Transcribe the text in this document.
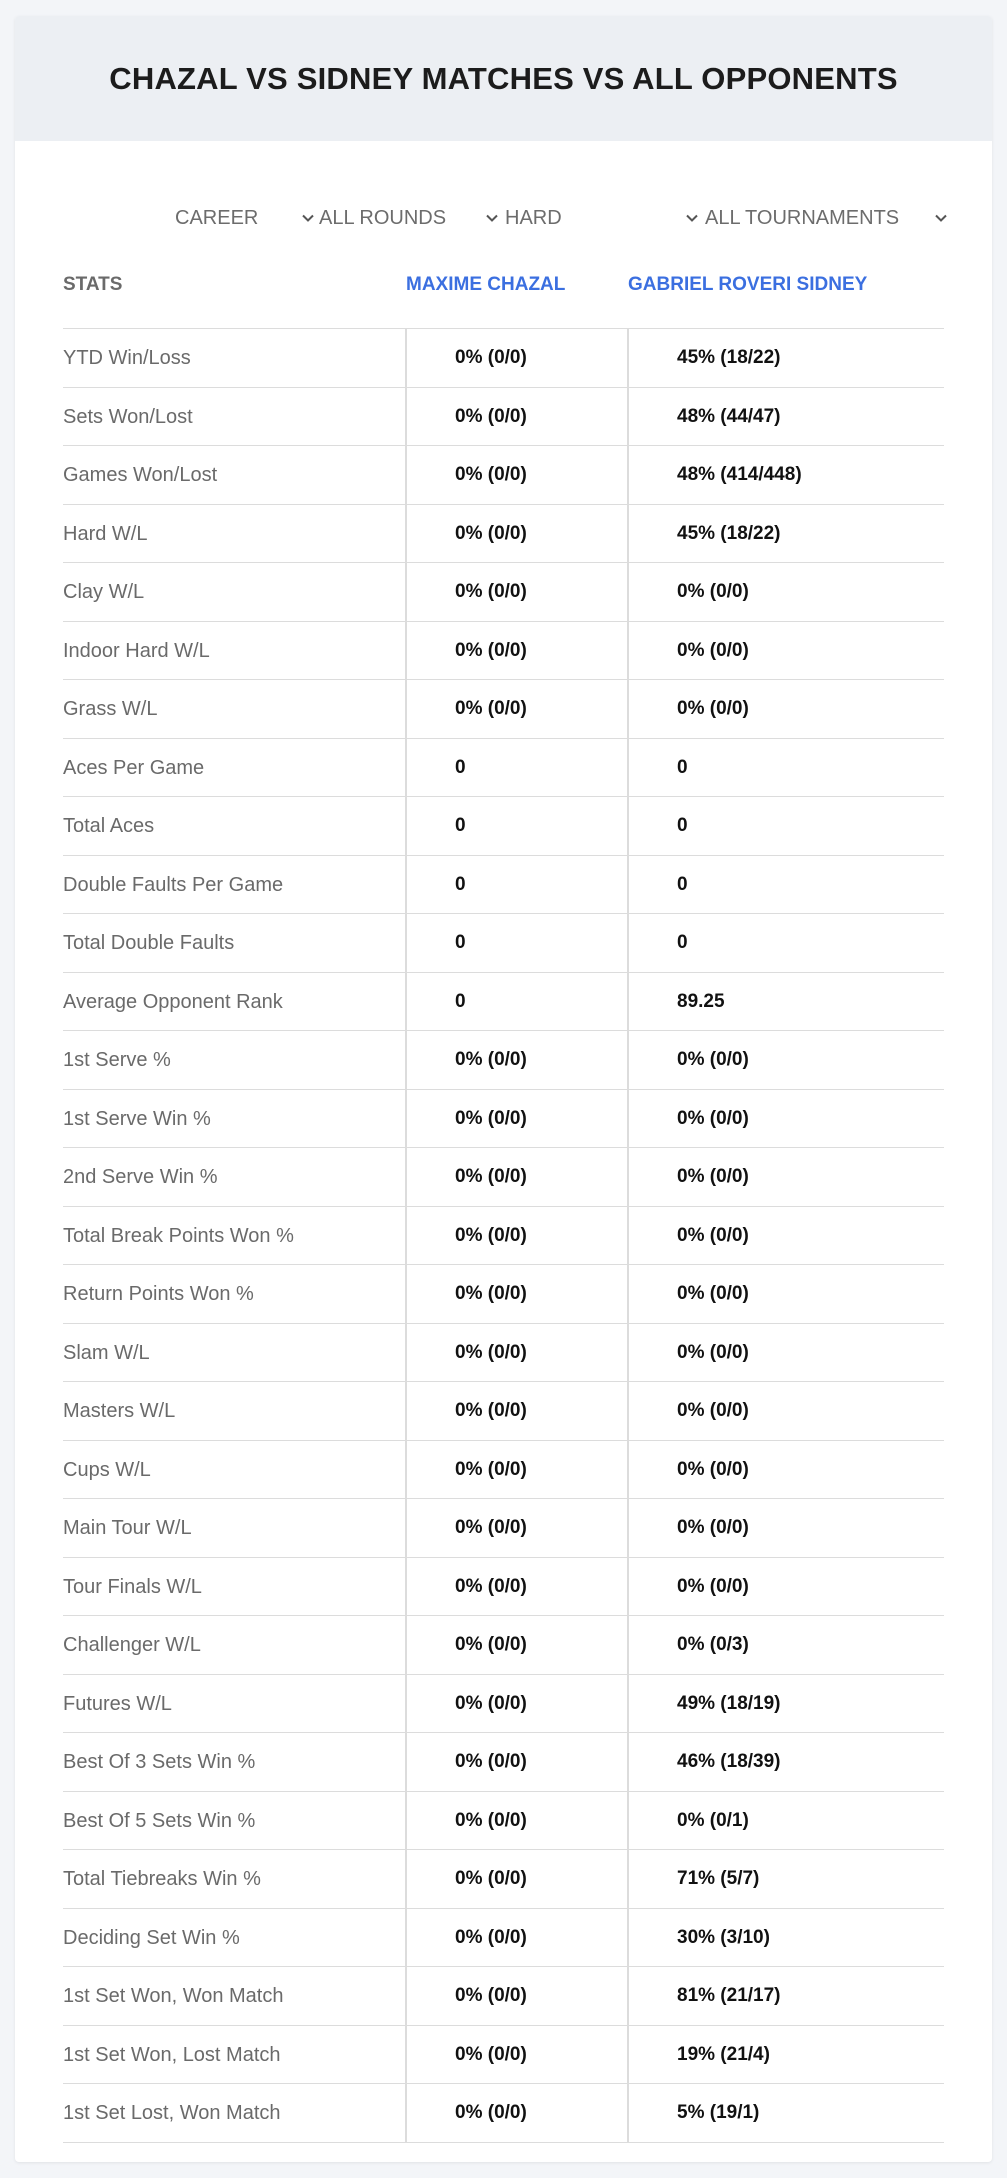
CHAZAL VS SIDNEY MATCHES VS ALL OPPONENTS
CAREER	ALL ROUNDS	HARD	ALL TOURNAMENTS
STATS	MAXIME CHAZAL	GABRIEL ROVERI SIDNEY
YTD Win/Loss	0% (0/0)	45% (18/22)
Sets Won/Lost	0% (0/0)	48% (44/47)
Games Won/Lost	0% (0/0)	48% (414/448)
Hard W/L	0% (0/0)	45% (18/22)
Clay W/L	0% (0/0)	0% (0/0)
Indoor Hard W/L	0% (0/0)	0% (0/0)
Grass W/L	0% (0/0)	0% (0/0)
Aces Per Game	0	0
Total Aces	0	0
Double Faults Per Game	0	0
Total Double Faults	0	0
Average Opponent Rank	0	89.25
1st Serve %	0% (0/0)	0% (0/0)
1st Serve Win %	0% (0/0)	0% (0/0)
2nd Serve Win %	0% (0/0)	0% (0/0)
Total Break Points Won %	0% (0/0)	0% (0/0)
Return Points Won %	0% (0/0)	0% (0/0)
Slam W/L	0% (0/0)	0% (0/0)
Masters W/L	0% (0/0)	0% (0/0)
Cups W/L	0% (0/0)	0% (0/0)
Main Tour W/L	0% (0/0)	0% (0/0)
Tour Finals W/L	0% (0/0)	0% (0/0)
Challenger W/L	0% (0/0)	0% (0/3)
Futures W/L	0% (0/0)	49% (18/19)
Best Of 3 Sets Win %	0% (0/0)	46% (18/39)
Best Of 5 Sets Win %	0% (0/0)	0% (0/1)
Total Tiebreaks Win %	0% (0/0)	71% (5/7)
Deciding Set Win %	0% (0/0)	30% (3/10)
1st Set Won, Won Match	0% (0/0)	81% (21/17)
1st Set Won, Lost Match	0% (0/0)	19% (21/4)
1st Set Lost, Won Match	0% (0/0)	5% (19/1)
